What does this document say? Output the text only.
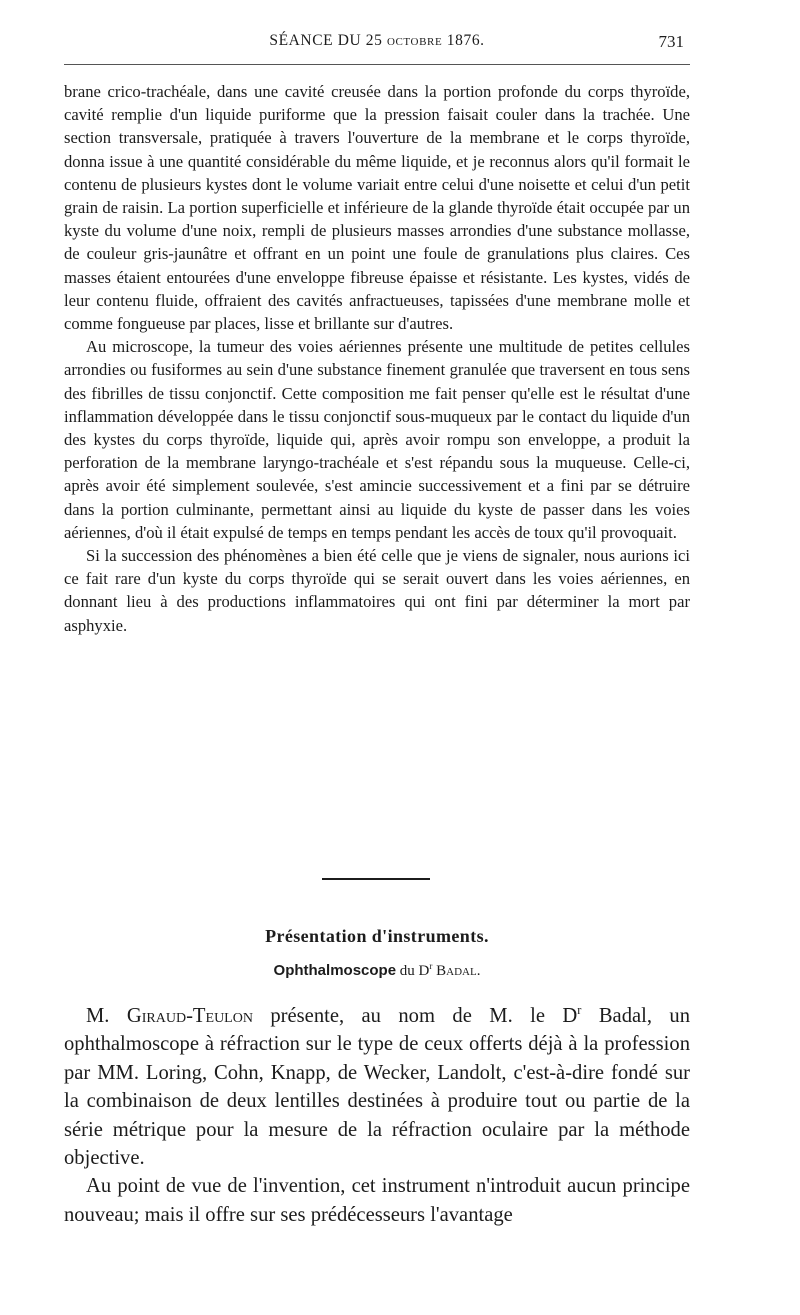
SÉANCE DU 25 octobre 1876.	731

brane crico-trachéale, dans une cavité creusée dans la portion profonde du corps thyroïde, cavité remplie d'un liquide puriforme que la pression faisait couler dans la trachée. Une section transversale, pratiquée à travers l'ouverture de la membrane et le corps thyroïde, donna issue à une quantité considérable du même liquide, et je reconnus alors qu'il formait le contenu de plusieurs kystes dont le volume variait entre celui d'une noisette et celui d'un petit grain de raisin. La portion superficielle et inférieure de la glande thyroïde était occupée par un kyste du volume d'une noix, rempli de plusieurs masses arrondies d'une substance mollasse, de couleur gris-jaunâtre et offrant en un point une foule de granulations plus claires. Ces masses étaient entourées d'une enveloppe fibreuse épaisse et résistante. Les kystes, vidés de leur contenu fluide, offraient des cavités anfractueuses, tapissées d'une membrane molle et comme fongueuse par places, lisse et brillante sur d'autres.

Au microscope, la tumeur des voies aériennes présente une multitude de petites cellules arrondies ou fusiformes au sein d'une substance finement granulée que traversent en tous sens des fibrilles de tissu conjonctif. Cette composition me fait penser qu'elle est le résultat d'une inflammation développée dans le tissu conjonctif sous-muqueux par le contact du liquide d'un des kystes du corps thyroïde, liquide qui, après avoir rompu son enveloppe, a produit la perforation de la membrane laryngo-trachéale et s'est répandu sous la muqueuse. Celle-ci, après avoir été simplement soulevée, s'est amincie successivement et a fini par se détruire dans la portion culminante, permettant ainsi au liquide du kyste de passer dans les voies aériennes, d'où il était expulsé de temps en temps pendant les accès de toux qu'il provoquait.

Si la succession des phénomènes a bien été celle que je viens de signaler, nous aurions ici ce fait rare d'un kyste du corps thyroïde qui se serait ouvert dans les voies aériennes, en donnant lieu à des productions inflammatoires qui ont fini par déterminer la mort par asphyxie.

Présentation d'instruments.
Ophthalmoscope du $D^r$ Badal.

M. Giraud-Teulon présente, au nom de M. le $D^r$ Badal, un ophthalmoscope à réfraction sur le type de ceux offerts déjà à la profession par MM. Loring, Cohn, Knapp, de Wecker, Landolt, c'est-à-dire fondé sur la combinaison de deux lentilles destinées à produire tout ou partie de la série métrique pour la mesure de la réfraction oculaire par la méthode objective.

Au point de vue de l'invention, cet instrument n'introduit aucun principe nouveau; mais il offre sur ses prédécesseurs l'avantage
